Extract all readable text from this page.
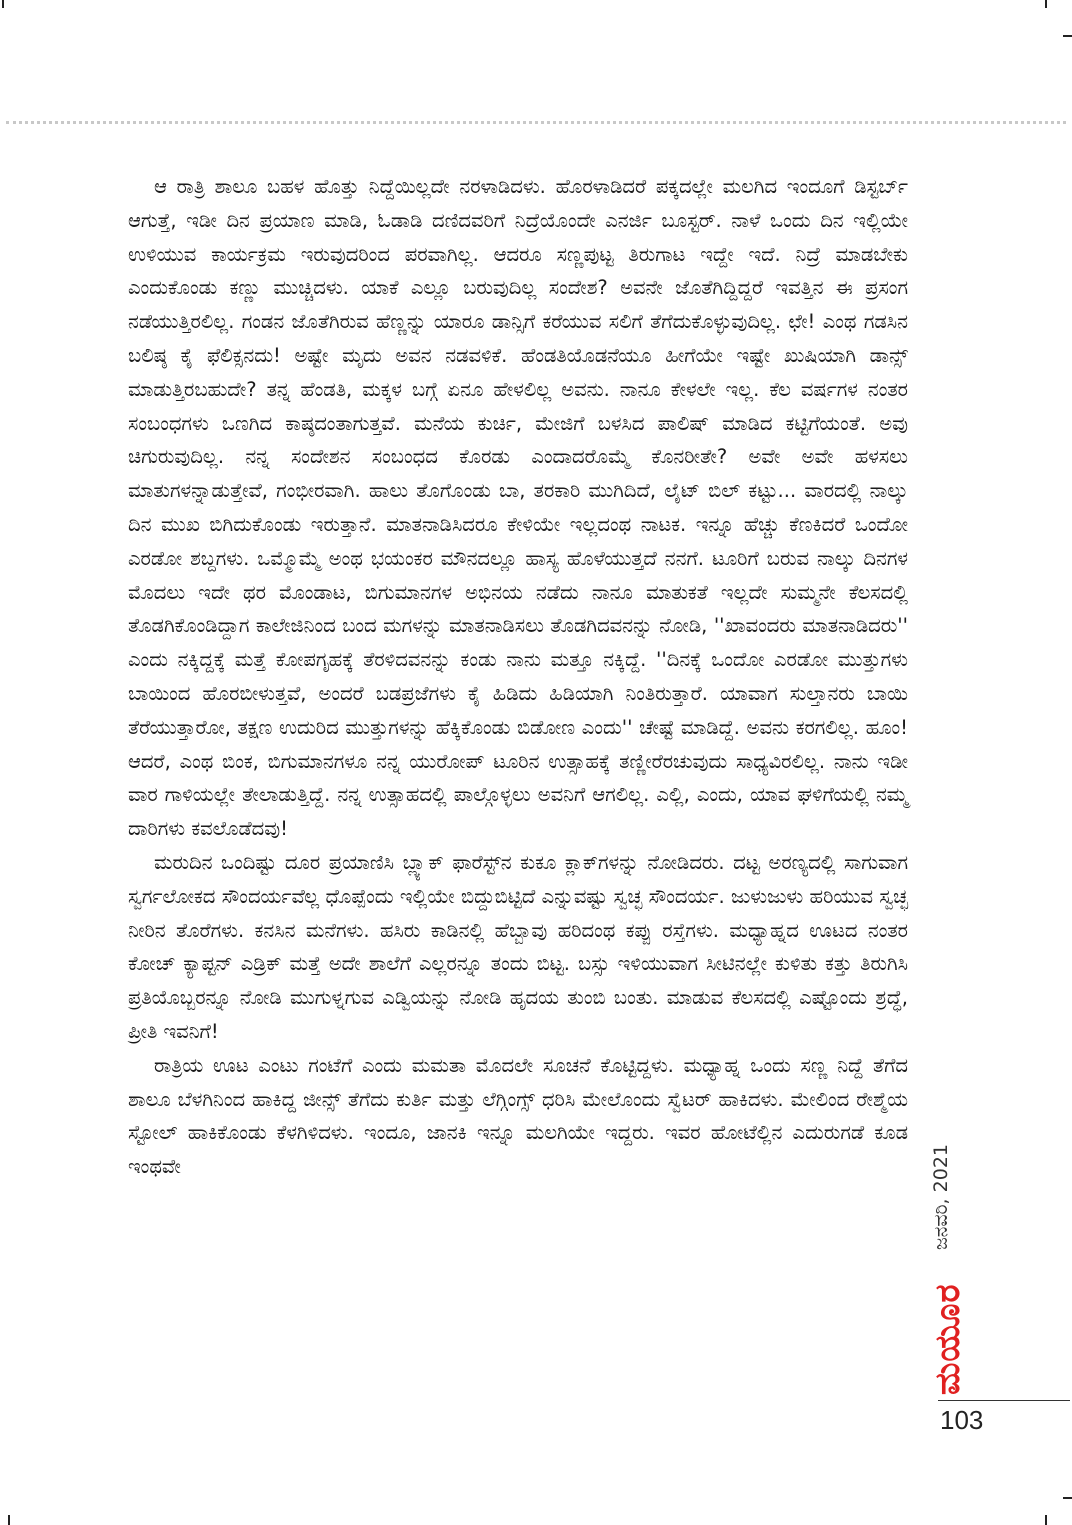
ಆ ರಾತ್ರಿ ಶಾಲೂ ಬಹಳ ಹೊತ್ತು ನಿದ್ದೆಯಿಲ್ಲದೇ ನರಳಾಡಿದಳು. ಹೊರಳಾಡಿದರೆ ಪಕ್ಕದಲ್ಲೇ ಮಲಗಿದ ಇಂದೂಗೆ ಡಿಸ್ಟರ್ಬ್ ಆಗುತ್ತೆ, ಇಡೀ ದಿನ ಪ್ರಯಾಣ ಮಾಡಿ, ಓಡಾಡಿ ದಣಿದವರಿಗೆ ನಿದ್ರೆಯೊಂದೇ ಎನರ್ಜಿ ಬೂಸ್ಟರ್. ನಾಳೆ ಒಂದು ದಿನ ಇಲ್ಲಿಯೇ ಉಳಿಯುವ ಕಾರ್ಯಕ್ರಮ ಇರುವುದರಿಂದ ಪರವಾಗಿಲ್ಲ. ಆದರೂ ಸಣ್ಣಪುಟ್ಟ ತಿರುಗಾಟ ಇದ್ದೇ ಇದೆ. ನಿದ್ರೆ ಮಾಡಬೇಕು ಎಂದುಕೊಂಡು ಕಣ್ಣು ಮುಚ್ಚಿದಳು. ಯಾಕೆ ಎಲ್ಲೂ ಬರುವುದಿಲ್ಲ ಸಂದೇಶ? ಅವನೇ ಜೊತೆಗಿದ್ದಿದ್ದರೆ ಇವತ್ತಿನ ಈ ಪ್ರಸಂಗ ನಡೆಯುತ್ತಿರಲಿಲ್ಲ. ಗಂಡನ ಜೊತೆಗಿರುವ ಹೆಣ್ಣನ್ನು ಯಾರೂ ಡಾನ್ಸಿಗೆ ಕರೆಯುವ ಸಲಿಗೆ ತೆಗೆದುಕೊಳ್ಳುವುದಿಲ್ಲ. ಛೇ! ಎಂಥ ಗಡಸಿನ ಬಲಿಷ್ಠ ಕೈ ಫೆಲಿಕ್ಸನದು! ಅಷ್ಟೇ ಮೃದು ಅವನ ನಡವಳಿಕೆ. ಹೆಂಡತಿಯೊಡನೆಯೂ ಹೀಗೆಯೇ ಇಷ್ಟೇ ಖುಷಿಯಾಗಿ ಡಾನ್ಸ್ ಮಾಡುತ್ತಿರಬಹುದೇ? ತನ್ನ ಹೆಂಡತಿ, ಮಕ್ಕಳ ಬಗ್ಗೆ ಏನೂ ಹೇಳಲಿಲ್ಲ ಅವನು. ನಾನೂ ಕೇಳಲೇ ಇಲ್ಲ. ಕೆಲ ವರ್ಷಗಳ ನಂತರ ಸಂಬಂಧಗಳು ಒಣಗಿದ ಕಾಷ್ಠದಂತಾಗುತ್ತವೆ. ಮನೆಯ ಕುರ್ಚಿ, ಮೇಜಿಗೆ ಬಳಸಿದ ಪಾಲಿಷ್ ಮಾಡಿದ ಕಟ್ಟಿಗೆಯಂತೆ. ಅವು ಚಿಗುರುವುದಿಲ್ಲ. ನನ್ನ ಸಂದೇಶನ ಸಂಬಂಧದ ಕೊರಡು ಎಂದಾದರೊಮ್ಮೆ ಕೊನರೀತೇ? ಅವೇ ಅವೇ ಹಳಸಲು ಮಾತುಗಳನ್ನಾಡುತ್ತೇವೆ, ಗಂಭೀರವಾಗಿ. ಹಾಲು ತೊಗೊಂಡು ಬಾ, ತರಕಾರಿ ಮುಗಿದಿದೆ, ಲೈಟ್ ಬಿಲ್ ಕಟ್ಟು... ವಾರದಲ್ಲಿ ನಾಲ್ಕು ದಿನ ಮುಖ ಬಿಗಿದುಕೊಂಡು ಇರುತ್ತಾನೆ. ಮಾತನಾಡಿಸಿದರೂ ಕೇಳಿಯೇ ಇಲ್ಲದಂಥ ನಾಟಕ. ಇನ್ನೂ ಹೆಚ್ಚು ಕೆಣಕಿದರೆ ಒಂದೋ ಎರಡೋ ಶಬ್ದಗಳು. ಒಮ್ಮೊಮ್ಮೆ ಅಂಥ ಭಯಂಕರ ಮೌನದಲ್ಲೂ ಹಾಸ್ಯ ಹೊಳೆಯುತ್ತದೆ ನನಗೆ. ಟೂರಿಗೆ ಬರುವ ನಾಲ್ಕು ದಿನಗಳ ಮೊದಲು ಇದೇ ಥರ ಮೊಂಡಾಟ, ಬಿಗುಮಾನಗಳ ಅಭಿನಯ ನಡೆದು ನಾನೂ ಮಾತುಕತೆ ಇಲ್ಲದೇ ಸುಮ್ಮನೇ ಕೆಲಸದಲ್ಲಿ ತೊಡಗಿಕೊಂಡಿದ್ದಾಗ ಕಾಲೇಜಿನಿಂದ ಬಂದ ಮಗಳನ್ನು ಮಾತನಾಡಿಸಲು ತೊಡಗಿದವನನ್ನು ನೋಡಿ, ''ಖಾವಂದರು ಮಾತನಾಡಿದರು'' ಎಂದು ನಕ್ಕಿದ್ದಕ್ಕೆ ಮತ್ತೆ ಕೋಪಗೃಹಕ್ಕೆ ತೆರಳಿದವನನ್ನು ಕಂಡು ನಾನು ಮತ್ತೂ ನಕ್ಕಿದ್ದೆ. ''ದಿನಕ್ಕೆ ಒಂದೋ ಎರಡೋ ಮುತ್ತುಗಳು ಬಾಯಿಂದ ಹೊರಬೀಳುತ್ತವೆ, ಅಂದರೆ ಬಡಪ್ರಜೆಗಳು ಕೈ ಹಿಡಿದು ಹಿಡಿಯಾಗಿ ನಿಂತಿರುತ್ತಾರೆ. ಯಾವಾಗ ಸುಲ್ತಾನರು ಬಾಯಿ ತೆರೆಯುತ್ತಾರೋ, ತಕ್ಷಣ ಉದುರಿದ ಮುತ್ತುಗಳನ್ನು ಹೆಕ್ಕಿಕೊಂಡು ಬಿಡೋಣ ಎಂದು'' ಚೇಷ್ಟೆ ಮಾಡಿದ್ದೆ. ಅವನು ಕರಗಲಿಲ್ಲ. ಹೂಂ! ಆದರೆ, ಎಂಥ ಬಿಂಕ, ಬಿಗುಮಾನಗಳೂ ನನ್ನ ಯುರೋಪ್ ಟೂರಿನ ಉತ್ಸಾಹಕ್ಕೆ ತಣ್ಣೀರೆರಚುವುದು ಸಾಧ್ಯವಿರಲಿಲ್ಲ. ನಾನು ಇಡೀ ವಾರ ಗಾಳಿಯಲ್ಲೇ ತೇಲಾಡುತ್ತಿದ್ದೆ. ನನ್ನ ಉತ್ಸಾಹದಲ್ಲಿ ಪಾಲ್ಗೊಳ್ಳಲು ಅವನಿಗೆ ಆಗಲಿಲ್ಲ. ಎಲ್ಲಿ, ಎಂದು, ಯಾವ ಘಳಿಗೆಯಲ್ಲಿ ನಮ್ಮ ದಾರಿಗಳು ಕವಲೊಡೆದವು!

ಮರುದಿನ ಒಂದಿಷ್ಟು ದೂರ ಪ್ರಯಾಣಿಸಿ ಬ್ಲ್ಯಾಕ್ ಫಾರೆಸ್ಟ್‌ನ ಕುಕೂ ಕ್ಲಾಕ್‌ಗಳನ್ನು ನೋಡಿದರು. ದಟ್ಟ ಅರಣ್ಯದಲ್ಲಿ ಸಾಗುವಾಗ ಸ್ವರ್ಗಲೋಕದ ಸೌಂದರ್ಯವೆಲ್ಲ ಧೊಪ್ಪೆಂದು ಇಲ್ಲಿಯೇ ಬಿದ್ದುಬಿಟ್ಟಿದೆ ಎನ್ನುವಷ್ಟು ಸ್ವಚ್ಛ ಸೌಂದರ್ಯ. ಜುಳುಜುಳು ಹರಿಯುವ ಸ್ವಚ್ಛ ನೀರಿನ ತೊರೆಗಳು. ಕನಸಿನ ಮನೆಗಳು. ಹಸಿರು ಕಾಡಿನಲ್ಲಿ ಹೆಬ್ಬಾವು ಹರಿದಂಥ ಕಪ್ಪು ರಸ್ತೆಗಳು. ಮಧ್ಯಾಹ್ನದ ಊಟದ ನಂತರ ಕೋಚ್ ಕ್ಯಾಪ್ಟನ್ ಎಡ್ರಿಕ್ ಮತ್ತೆ ಅದೇ ಶಾಲೆಗೆ ಎಲ್ಲರನ್ನೂ ತಂದು ಬಿಟ್ಟ. ಬಸ್ಸು ಇಳಿಯುವಾಗ ಸೀಟಿನಲ್ಲೇ ಕುಳಿತು ಕತ್ತು ತಿರುಗಿಸಿ ಪ್ರತಿಯೊಬ್ಬರನ್ನೂ ನೋಡಿ ಮುಗುಳ್ನಗುವ ಎಡ್ವಿಯನ್ನು ನೋಡಿ ಹೃದಯ ತುಂಬಿ ಬಂತು. ಮಾಡುವ ಕೆಲಸದಲ್ಲಿ ಎಷ್ಟೊಂದು ಶ್ರದ್ಧೆ, ಪ್ರೀತಿ ಇವನಿಗೆ!

ರಾತ್ರಿಯ ಊಟ ಎಂಟು ಗಂಟೆಗೆ ಎಂದು ಮಮತಾ ಮೊದಲೇ ಸೂಚನೆ ಕೊಟ್ಟಿದ್ದಳು. ಮಧ್ಯಾಹ್ನ ಒಂದು ಸಣ್ಣ ನಿದ್ದೆ ತೆಗೆದ ಶಾಲೂ ಬೆಳಗಿನಿಂದ ಹಾಕಿದ್ದ ಜೀನ್ಸ್ ತೆಗೆದು ಕುರ್ತಿ ಮತ್ತು ಲೆಗ್ಗಿಂಗ್ಸ್ ಧರಿಸಿ ಮೇಲೊಂದು ಸ್ವೆಟರ್ ಹಾಕಿದಳು. ಮೇಲಿಂದ ರೇಶ್ಮೆಯ ಸ್ಟೋಲ್ ಹಾಕಿಕೊಂಡು ಕೆಳಗಿಳಿದಳು. ಇಂದೂ, ಜಾನಕಿ ಇನ್ನೂ ಮಲಗಿಯೇ ಇದ್ದರು. ಇವರ ಹೋಟೆಲ್ಲಿನ ಎದುರುಗಡೆ ಕೂಡ ಇಂಥವೇ	ಜನವರಿ, 2021
ಮಯೂರ
103
